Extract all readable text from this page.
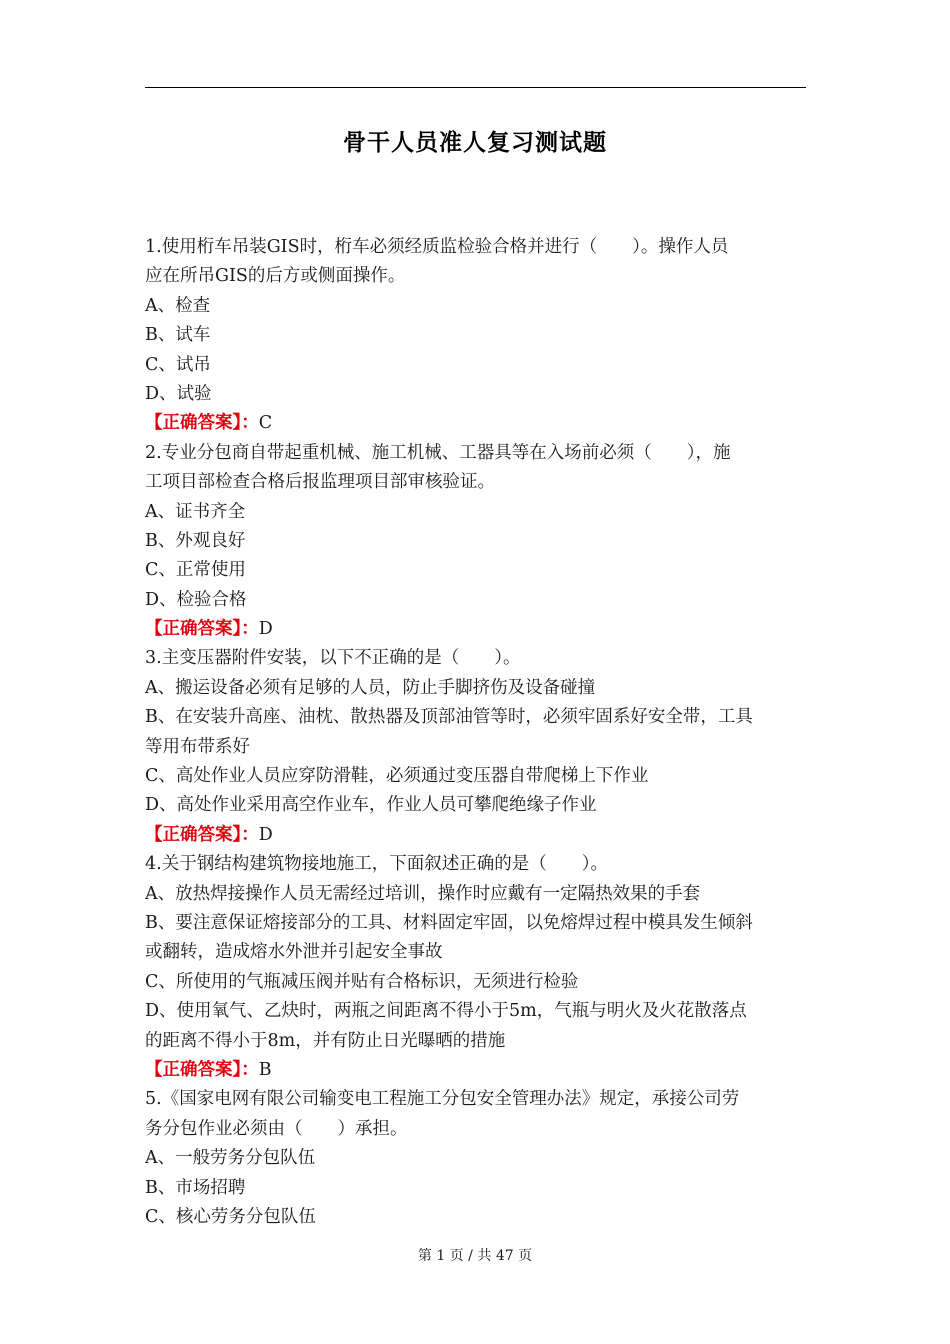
骨干人员准人复习测试题
1.使用桁车吊装GIS时，桁车必须经质监检验合格并进行（　　）。操作人员
应在所吊GIS的后方或侧面操作。
A、检查
B、试车
C、试吊
D、试验
【正确答案】：C
2.专业分包商自带起重机械、施工机械、工器具等在入场前必须（　　），施
工项目部检查合格后报监理项目部审核验证。
A、证书齐全
B、外观良好
C、正常使用
D、检验合格
【正确答案】：D
3.主变压器附件安装，以下不正确的是（　　）。
A、搬运设备必须有足够的人员，防止手脚挤伤及设备碰撞
B、在安装升高座、油枕、散热器及顶部油管等时，必须牢固系好安全带，工具
等用布带系好
C、高处作业人员应穿防滑鞋，必须通过变压器自带爬梯上下作业
D、高处作业采用高空作业车，作业人员可攀爬绝缘子作业
【正确答案】：D
4.关于钢结构建筑物接地施工，下面叙述正确的是（　　）。
A、放热焊接操作人员无需经过培训，操作时应戴有一定隔热效果的手套
B、要注意保证熔接部分的工具、材料固定牢固，以免熔焊过程中模具发生倾斜
或翻转，造成熔水外泄并引起安全事故
C、所使用的气瓶减压阀并贴有合格标识，无须进行检验
D、使用氧气、乙炔时，两瓶之间距离不得小于5m，气瓶与明火及火花散落点
的距离不得小于8m，并有防止日光曝晒的措施
【正确答案】：B
5.《国家电网有限公司输变电工程施工分包安全管理办法》规定，承接公司劳
务分包作业必须由（　　）承担。
A、一般劳务分包队伍
B、市场招聘
C、核心劳务分包队伍
第 1 页 / 共 47 页
